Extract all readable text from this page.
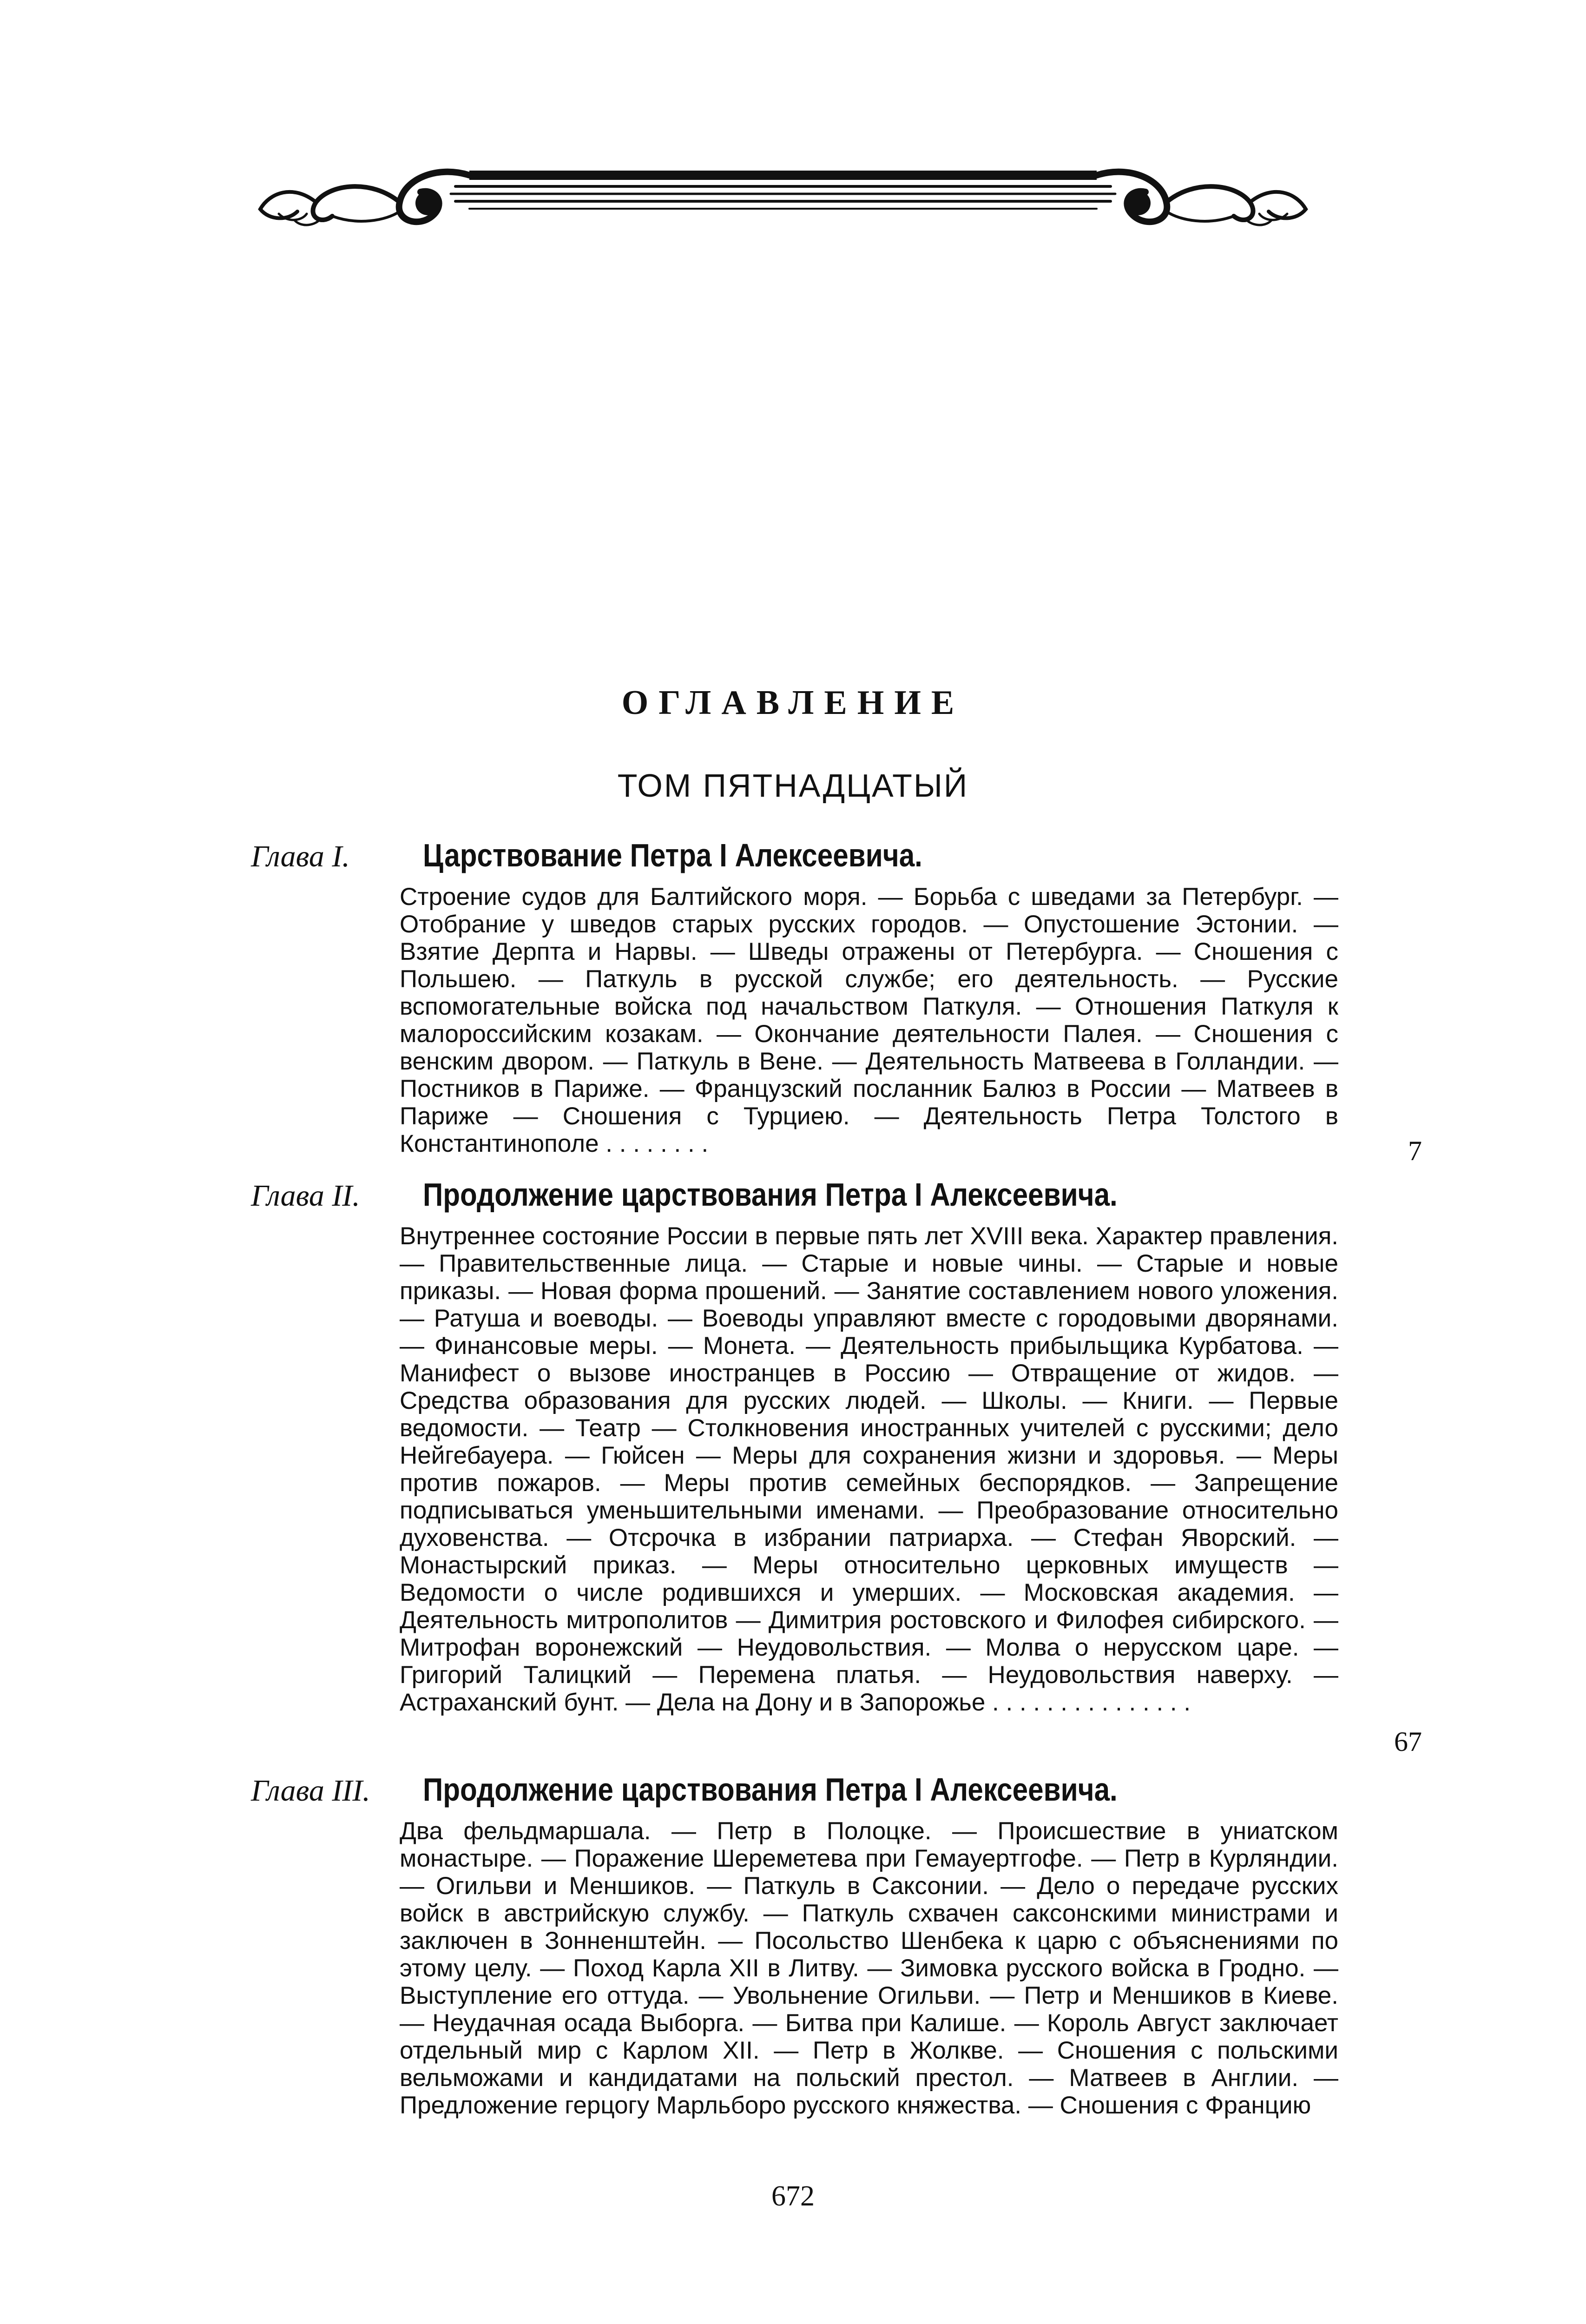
ОГЛАВЛЕНИЕ
ТОМ ПЯТНАДЦАТЫЙ
Глава I. Царствование Петра I Алексеевича.
Строение судов для Балтийского моря. — Борьба с шведами за Петербург. — Отобрание у шведов старых русских городов. — Опустошение Эстонии. — Взятие Дерпта и Нарвы. — Шведы отражены от Петербурга. — Сношения с Польшею. — Паткуль в русской службе; его деятельность. — Русские вспомогательные войска под начальством Паткуля. — Отношения Паткуля к малороссийским козакам. — Окончание деятельности Палея. — Сношения с венским двором. — Паткуль в Вене. — Деятельность Матвеева в Голландии. — Постников в Париже. — Французский посланник Балюз в России — Матвеев в Париже — Сношения с Турциею. — Деятельность Петра Толстого в Константинополе . . . . . . . .	7
Глава II. Продолжение царствования Петра I Алексеевича.
Внутреннее состояние России в первые пять лет XVIII века. Характер правления. — Правительственные лица. — Старые и новые чины. — Старые и новые приказы. — Новая форма прошений. — Занятие составлением нового уложения. — Ратуша и воеводы. — Воеводы управляют вместе с городовыми дворянами. — Финансовые меры. — Монета. — Деятельность прибыльщика Курбатова. — Манифест о вызове иностранцев в Россию — Отвращение от жидов. — Средства образования для русских людей. — Школы. — Книги. — Первые ведомости. — Театр — Столкновения иностранных учителей с русскими; дело Нейгебауера. — Гюйсен — Меры для сохранения жизни и здоровья. — Меры против пожаров. — Меры против семейных беспорядков. — Запрещение подписываться уменьшительными именами. — Преобразование относительно духовенства. — Отсрочка в избрании патриарха. — Стефан Яворский. — Монастырский приказ. — Меры относительно церковных имуществ — Ведомости о числе родившихся и умерших. — Московская академия. — Деятельность митрополитов — Димитрия ростовского и Филофея сибирского. — Митрофан воронежский — Неудовольствия. — Молва о нерусском царе. — Григорий Талицкий — Перемена платья. — Неудовольствия наверху. — Астраханский бунт. — Дела на Дону и в Запорожье . . . . . . . . . . . . . . .
67
Глава III. Продолжение царствования Петра I Алексеевича.
Два фельдмаршала. — Петр в Полоцке. — Происшествие в униатском монастыре. — Поражение Шереметева при Гемауертгофе. — Петр в Курляндии. — Огильви и Меншиков. — Паткуль в Саксонии. — Дело о передаче русских войск в австрийскую службу. — Паткуль схвачен саксонскими министрами и заключен в Зонненштейн. — Посольство Шенбека к царю с объяснениями по этому целу. — Поход Карла XII в Литву. — Зимовка русского войска в Гродно. — Выступление его оттуда. — Увольнение Огильви. — Петр и Меншиков в Киеве. — Неудачная осада Выборга. — Битва при Калише. — Король Август заключает отдельный мир с Карлом XII. — Петр в Жолкве. — Сношения с польскими вельможами и кандидатами на польский престол. — Матвеев в Англии. — Предложение герцогу Марльборо русского княжества. — Сношения с Францию
672
